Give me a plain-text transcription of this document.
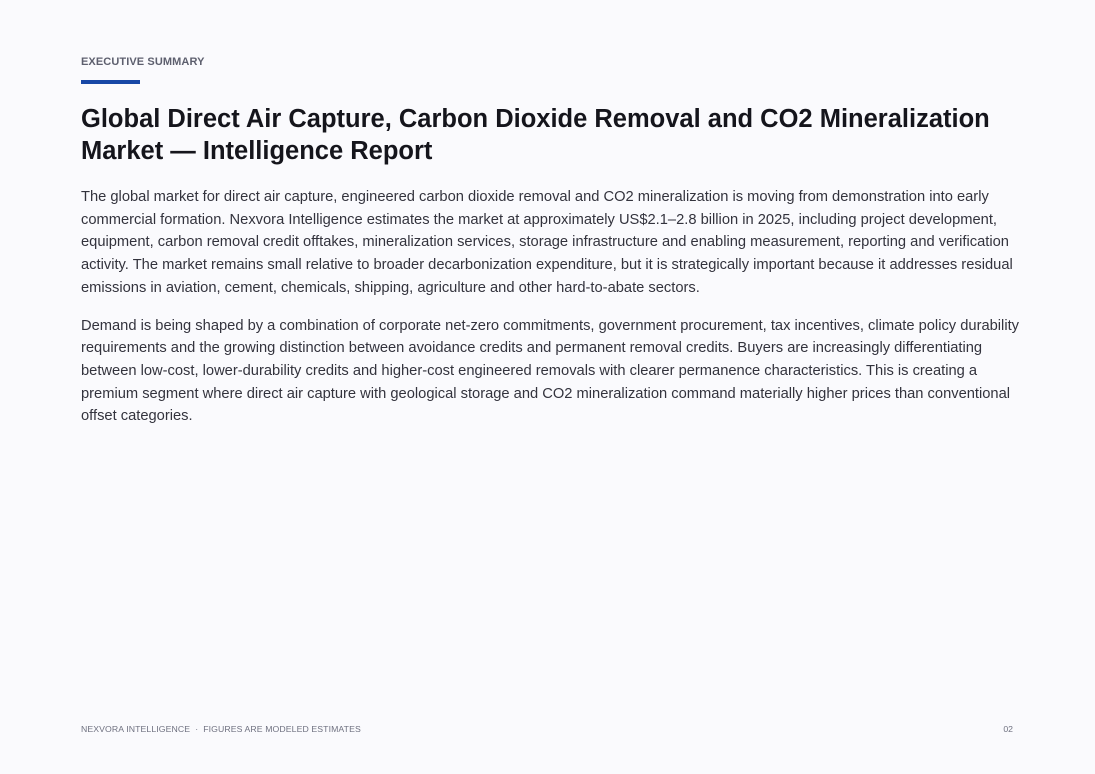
EXECUTIVE SUMMARY
Global Direct Air Capture, Carbon Dioxide Removal and CO2 Mineralization Market — Intelligence Report

The global market for direct air capture, engineered carbon dioxide removal and CO2 mineralization is moving from demonstration into early commercial formation. Nexvora Intelligence estimates the market at approximately US$2.1–2.8 billion in 2025, including project development, equipment, carbon removal credit offtakes, mineralization services, storage infrastructure and enabling measurement, reporting and verification activity. The market remains small relative to broader decarbonization expenditure, but it is strategically important because it addresses residual emissions in aviation, cement, chemicals, shipping, agriculture and other hard-to-abate sectors.

Demand is being shaped by a combination of corporate net-zero commitments, government procurement, tax incentives, climate policy durability requirements and the growing distinction between avoidance credits and permanent removal credits. Buyers are increasingly differentiating between low-cost, lower-durability credits and higher-cost engineered removals with clearer permanence characteristics. This is creating a premium segment where direct air capture with geological storage and CO2 mineralization command materially higher prices than conventional offset categories.

NEXVORA INTELLIGENCE · FIGURES ARE MODELED ESTIMATES	02
